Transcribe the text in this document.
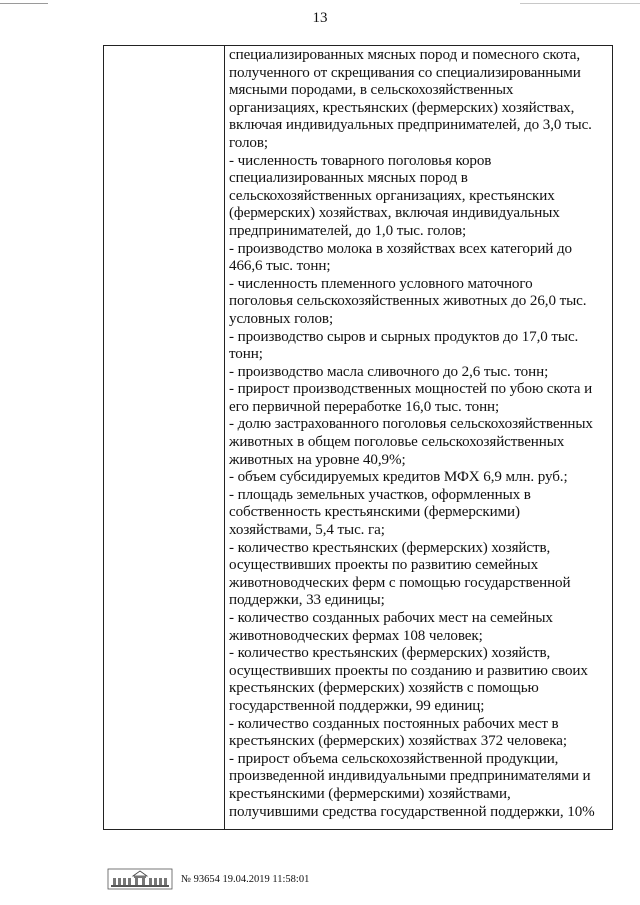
13
специализированных мясных пород и помесного скота,
полученного от скрещивания со специализированными
мясными породами, в сельскохозяйственных
организациях, крестьянских (фермерских) хозяйствах,
включая индивидуальных предпринимателей, до 3,0 тыс.
голов;
- численность товарного поголовья коров
специализированных мясных пород в
сельскохозяйственных организациях, крестьянских
(фермерских) хозяйствах, включая индивидуальных
предпринимателей, до 1,0 тыс. голов;
- производство молока в хозяйствах всех категорий до
466,6 тыс. тонн;
- численность племенного условного маточного
поголовья сельскохозяйственных животных до 26,0 тыс.
условных голов;
- производство сыров и сырных продуктов до 17,0 тыс.
тонн;
- производство масла сливочного до 2,6 тыс. тонн;
- прирост производственных мощностей по убою скота и
его первичной переработке 16,0 тыс. тонн;
- долю застрахованного поголовья сельскохозяйственных
животных в общем поголовье сельскохозяйственных
животных на уровне 40,9%;
- объем субсидируемых кредитов МФХ 6,9 млн. руб.;
- площадь земельных участков, оформленных в
собственность крестьянскими (фермерскими)
хозяйствами, 5,4 тыс. га;
- количество крестьянских (фермерских) хозяйств,
осуществивших проекты по развитию семейных
животноводческих ферм с помощью государственной
поддержки, 33 единицы;
- количество созданных рабочих мест на семейных
животноводческих фермах 108 человек;
- количество крестьянских (фермерских) хозяйств,
осуществивших проекты по созданию и развитию своих
крестьянских (фермерских) хозяйств с помощью
государственной поддержки, 99 единиц;
- количество созданных постоянных рабочих мест в
крестьянских (фермерских) хозяйствах 372 человека;
- прирост объема сельскохозяйственной продукции,
произведенной индивидуальными предпринимателями и
крестьянскими (фермерскими) хозяйствами,
получившими средства государственной поддержки, 10%
№ 93654 19.04.2019 11:58:01
